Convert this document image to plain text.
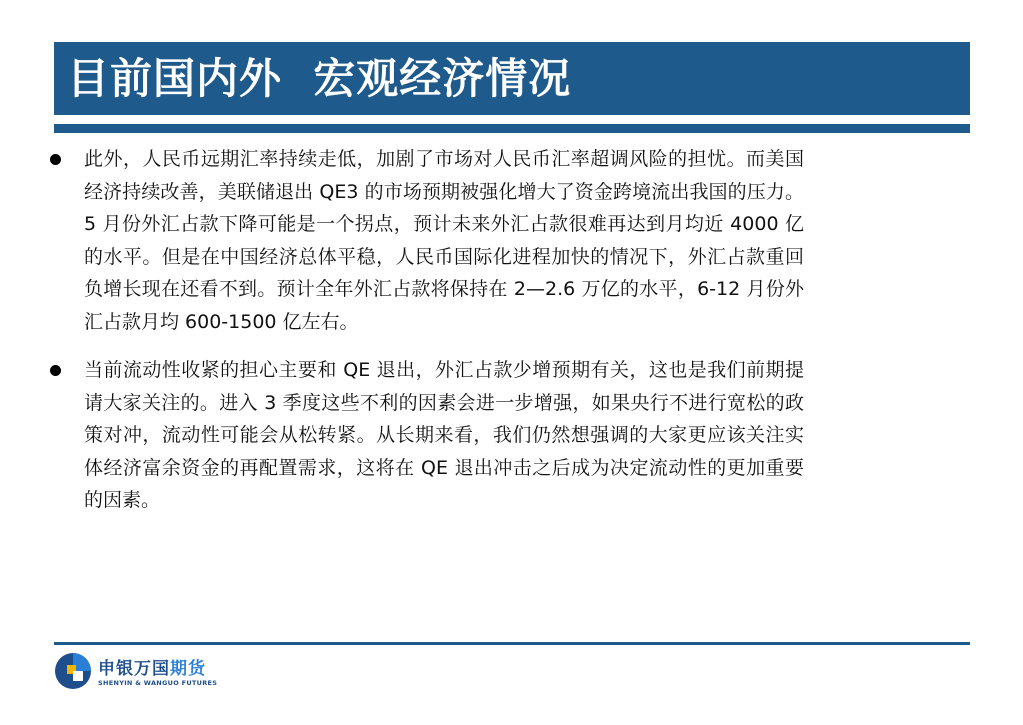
目前国内外  宏观经济情况

此外，人民币远期汇率持续走低，加剧了市场对人民币汇率超调风险的担忧。而美国经济持续改善，美联储退出 QE3 的市场预期被强化增大了资金跨境流出我国的压力。5 月份外汇占款下降可能是一个拐点，预计未来外汇占款很难再达到月均近 4000 亿的水平。但是在中国经济总体平稳，人民币国际化进程加快的情况下，外汇占款重回负增长现在还看不到。预计全年外汇占款将保持在 2—2.6 万亿的水平，6-12 月份外汇占款月均 600-1500 亿左右。

当前流动性收紧的担心主要和 QE 退出，外汇占款少增预期有关，这也是我们前期提请大家关注的。进入 3 季度这些不利的因素会进一步增强，如果央行不进行宽松的政策对冲，流动性可能会从松转紧。从长期来看，我们仍然想强调的大家更应该关注实体经济富余资金的再配置需求，这将在 QE 退出冲击之后成为决定流动性的更加重要的因素。

申银万国期货
SHENYIN & WANGUO FUTURES
